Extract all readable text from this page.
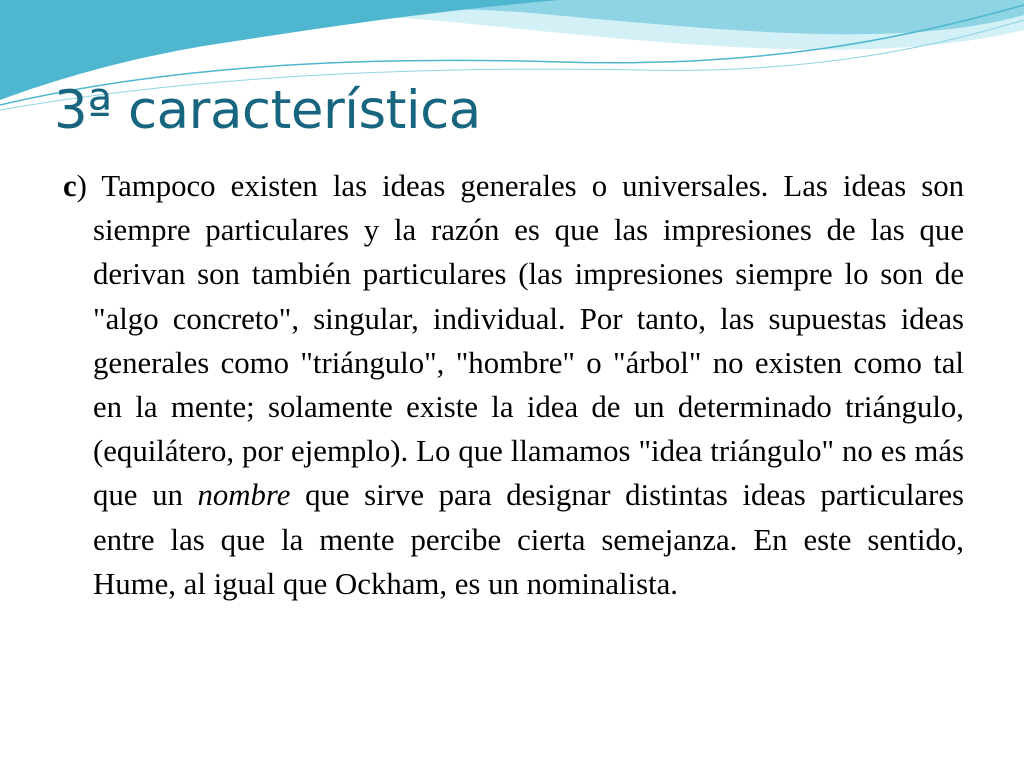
3ª característica

c) Tampoco existen las ideas generales o universales. Las ideas son siempre particulares y la razón es que las impresiones de las que derivan son también particulares (las impresiones siempre lo son de "algo concreto", singular, individual. Por tanto, las supuestas ideas generales como "triángulo", "hombre" o "árbol" no existen como tal en la mente; solamente existe la idea de un determinado triángulo, (equilátero, por ejemplo). Lo que llamamos "idea triángulo" no es más que un nombre que sirve para designar distintas ideas particulares entre las que la mente percibe cierta semejanza. En este sentido, Hume, al igual que Ockham, es un nominalista.
